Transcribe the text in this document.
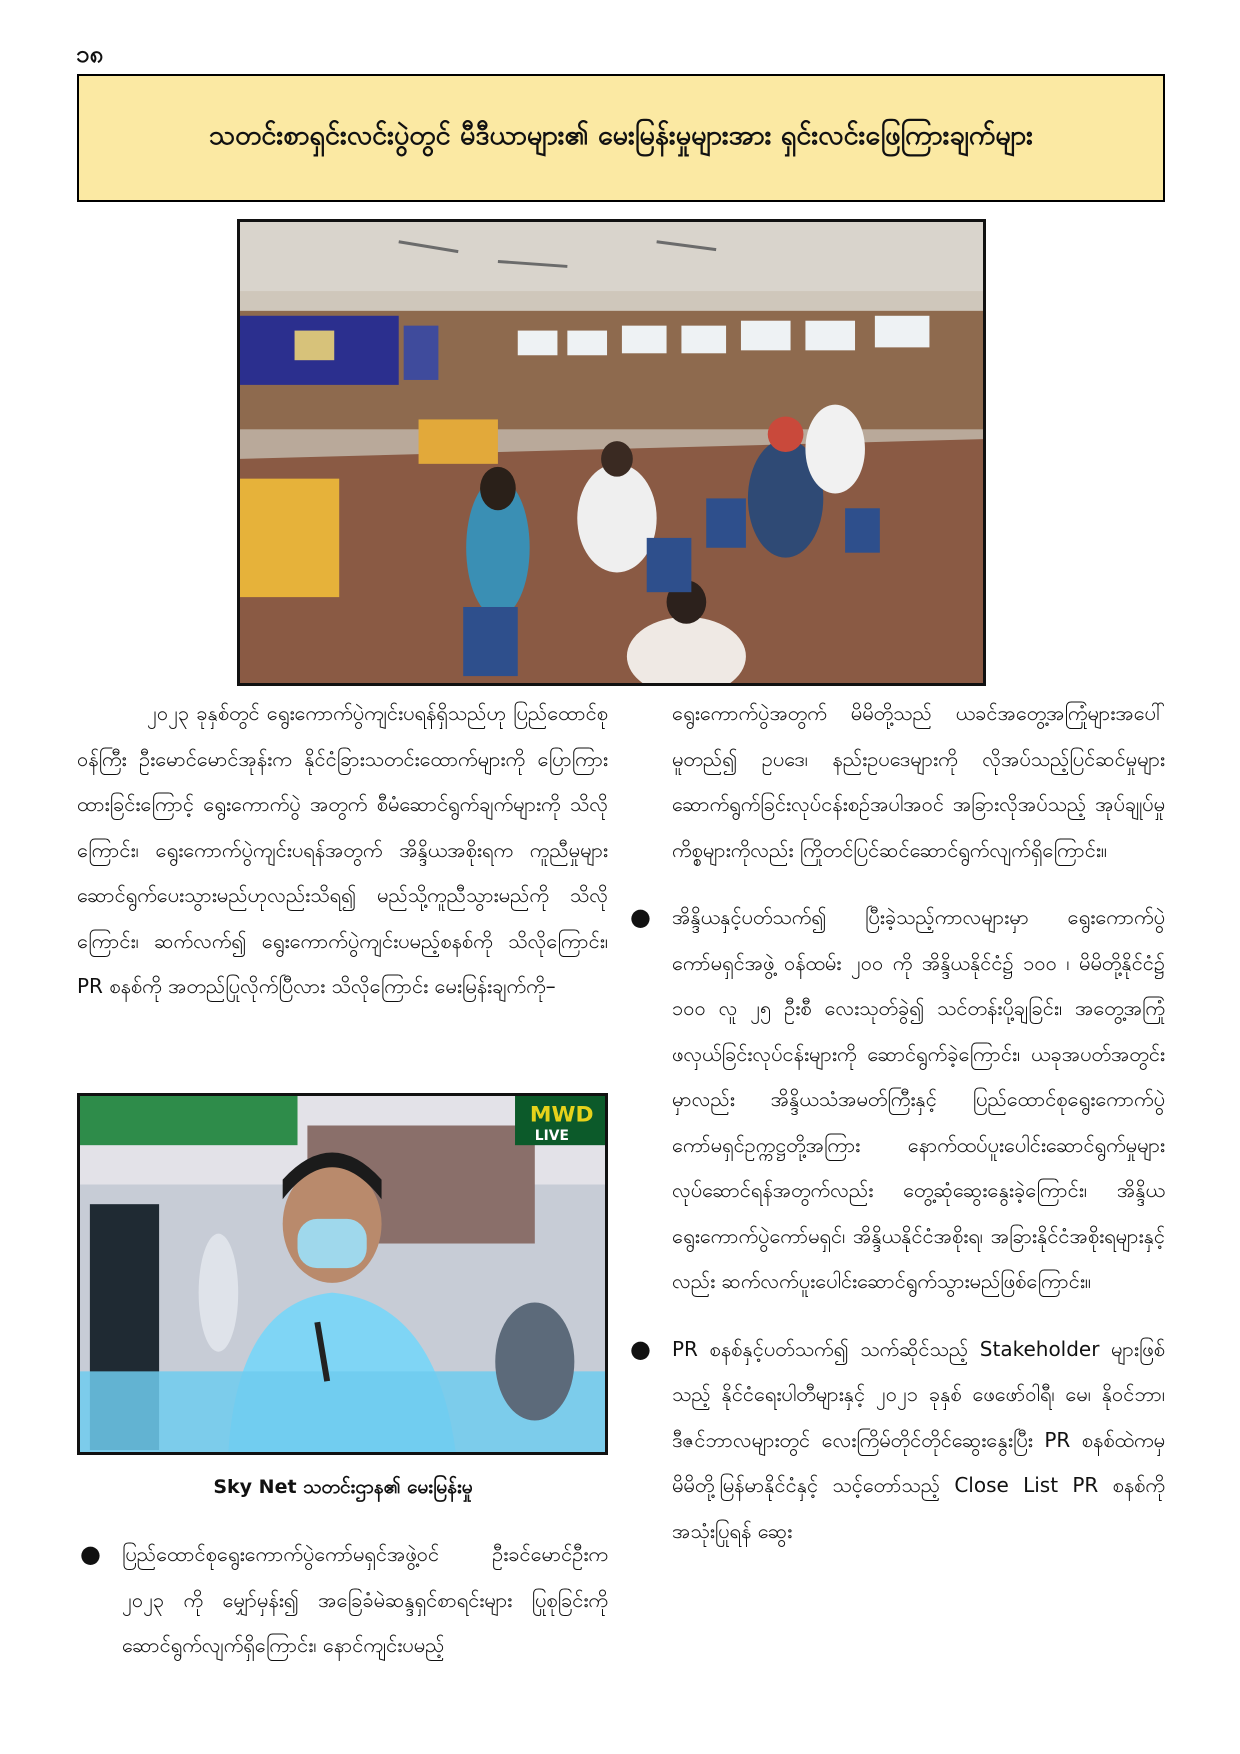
၁၈
သတင်းစာရှင်းလင်းပွဲတွင် မီဒီယာများ၏ မေးမြန်းမှုများအား ရှင်းလင်းဖြေကြားချက်များ

၂၀၂၃ ခုနှစ်တွင် ရွေးကောက်ပွဲကျင်းပရန်ရှိသည်ဟု ပြည်ထောင်စုဝန်ကြီး ဦးမောင်မောင်အုန်းက နိုင်ငံခြားသတင်းထောက်များကို ပြောကြားထားခြင်းကြောင့် ရွေးကောက်ပွဲ အတွက် စီမံဆောင်ရွက်ချက်များကို သိလိုကြောင်း၊ ရွေးကောက်ပွဲကျင်းပရန်အတွက် အိန္ဒိယအစိုးရက ကူညီမှုများဆောင်ရွက်ပေးသွားမည်ဟုလည်းသိရ၍ မည်သို့ကူညီသွားမည်ကို သိလိုကြောင်း၊ ဆက်လက်၍ ရွေးကောက်ပွဲကျင်းပမည့်စနစ်ကို သိလိုကြောင်း၊ PR စနစ်ကို အတည်ပြုလိုက်ပြီလား သိလိုကြောင်း မေးမြန်းချက်ကို–

MWD
LIVE
Sky Net သတင်းဌာန၏ မေးမြန်းမှု
● ပြည်ထောင်စုရွေးကောက်ပွဲကော်မရှင်အဖွဲ့ဝင် ဦးခင်မောင်ဦးက ၂၀၂၃ ကို မျှော်မှန်း၍ အခြေခံမဲဆန္ဒရှင်စာရင်းများ ပြုစုခြင်းကို ဆောင်ရွက်လျက်ရှိကြောင်း၊ နောင်ကျင်းပမည့်

ရွေးကောက်ပွဲအတွက် မိမိတို့သည် ယခင်အတွေ့အကြုံများအပေါ် မူတည်၍ ဥပဒေ၊ နည်းဥပဒေများကို လိုအပ်သည့်ပြင်ဆင်မှုများ ဆောက်ရွက်ခြင်းလုပ်ငန်းစဉ်အပါအဝင် အခြားလိုအပ်သည့် အုပ်ချုပ်မှုကိစ္စများကိုလည်း ကြိုတင်ပြင်ဆင်ဆောင်ရွက်လျက်ရှိကြောင်း။

● အိန္ဒိယနှင့်ပတ်သက်၍ ပြီးခဲ့သည့်ကာလများမှာ ရွေးကောက်ပွဲကော်မရှင်အဖွဲ့ ဝန်ထမ်း ၂၀၀ ကို အိန္ဒိယနိုင်ငံ၌ ၁၀၀ ၊ မိမိတို့နိုင်ငံ၌ ၁၀၀ လူ ၂၅ ဦးစီ လေးသုတ်ခွဲ၍ သင်တန်းပို့ချခြင်း၊ အတွေ့အကြုံဖလှယ်ခြင်းလုပ်ငန်းများကို ဆောင်ရွက်ခဲ့ကြောင်း၊ ယခုအပတ်အတွင်းမှာလည်း အိန္ဒိယသံအမတ်ကြီးနှင့် ပြည်ထောင်စုရွေးကောက်ပွဲကော်မရှင်ဥက္ကဋ္ဌတို့အကြား နောက်ထပ်ပူးပေါင်းဆောင်ရွက်မှုများ လုပ်ဆောင်ရန်အတွက်လည်း တွေ့ဆုံဆွေးနွေးခဲ့ကြောင်း၊ အိန္ဒိယရွေးကောက်ပွဲကော်မရှင်၊ အိန္ဒိယနိုင်ငံအစိုးရ၊ အခြားနိုင်ငံအစိုးရများနှင့်လည်း ဆက်လက်ပူးပေါင်းဆောင်ရွက်သွားမည်ဖြစ်ကြောင်း။
● PR စနစ်နှင့်ပတ်သက်၍ သက်ဆိုင်သည့် Stakeholder များဖြစ်သည့် နိုင်ငံရေးပါတီများနှင့် ၂၀၂၁ ခုနှစ် ဖေဖော်ဝါရီ၊ မေ၊ နိုဝင်ဘာ၊ ဒီဇင်ဘာလများတွင် လေးကြိမ်တိုင်တိုင်ဆွေးနွေးပြီး PR စနစ်ထဲကမှ မိမိတို့မြန်မာနိုင်ငံနှင့် သင့်တော်သည့် Close List PR စနစ်ကို အသုံးပြုရန် ဆွေး
